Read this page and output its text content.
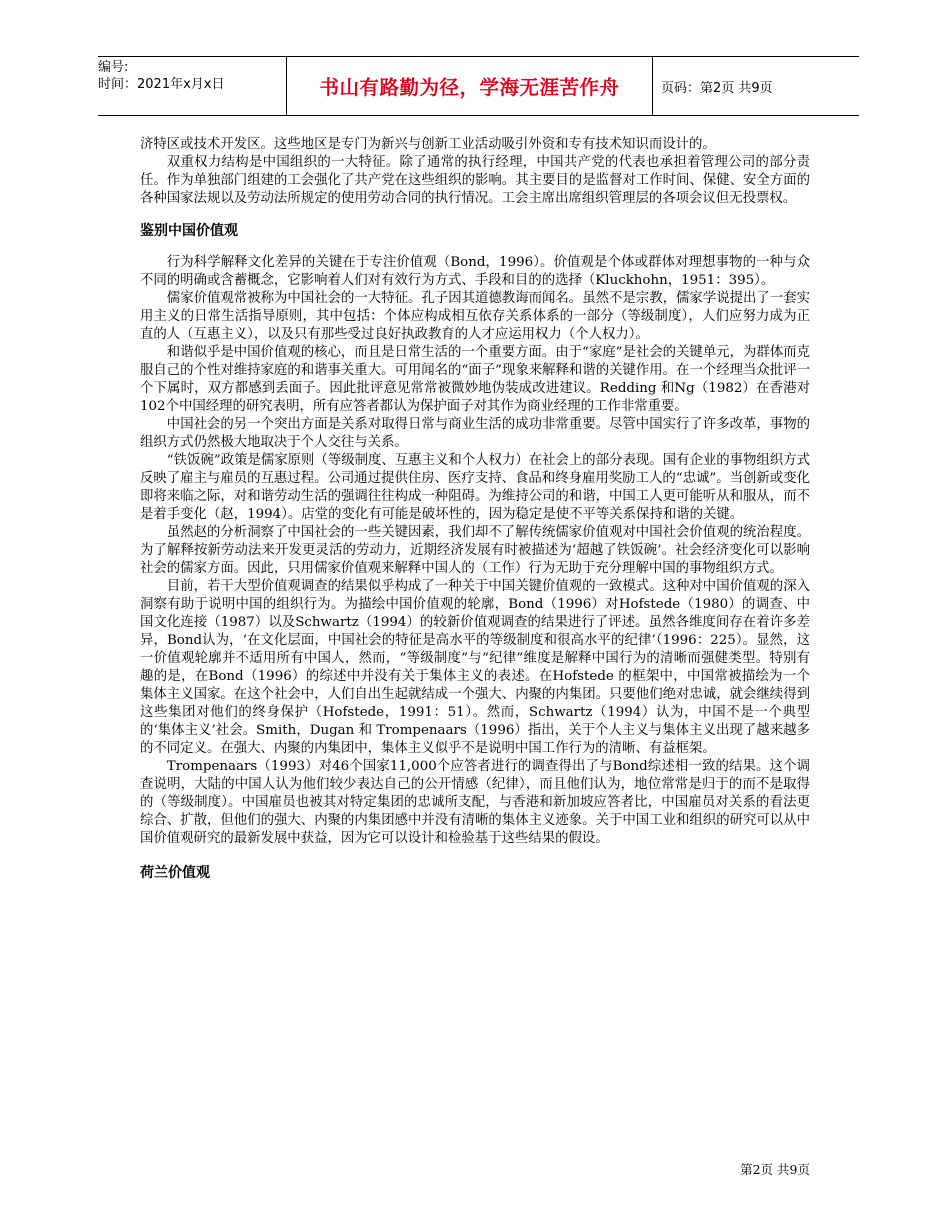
编号:
时间：2021年x月x日	书山有路勤为径，学海无涯苦作舟	页码：第2页 共9页

济特区或技术开发区。这些地区是专门为新兴与创新工业活动吸引外资和专有技术知识而设计的。

双重权力结构是中国组织的一大特征。除了通常的执行经理，中国共产党的代表也承担着管理公司的部分责任。作为单独部门组建的工会强化了共产党在这些组织的影响。其主要目的是监督对工作时间、保健、安全方面的各种国家法规以及劳动法所规定的使用劳动合同的执行情况。工会主席出席组织管理层的各项会议但无投票权。

鉴别中国价值观

行为科学解释文化差异的关键在于专注价值观（Bond，1996）。价值观是个体或群体对理想事物的一种与众不同的明确或含蓄概念，它影响着人们对有效行为方式、手段和目的的选择（Kluckhohn，1951：395）。

儒家价值观常被称为中国社会的一大特征。孔子因其道德教诲而闻名。虽然不是宗教，儒家学说提出了一套实用主义的日常生活指导原则，其中包括：个体应构成相互依存关系体系的一部分（等级制度），人们应努力成为正直的人（互惠主义），以及只有那些受过良好执政教育的人才应运用权力（个人权力）。

和谐似乎是中国价值观的核心，而且是日常生活的一个重要方面。由于“家庭”是社会的关键单元，为群体而克服自己的个性对维持家庭的和谐事关重大。可用闻名的“面子”现象来解释和谐的关键作用。在一个经理当众批评一个下属时，双方都感到丢面子。因此批评意见常常被微妙地伪装成改进建议。Redding 和Ng（1982）在香港对102个中国经理的研究表明，所有应答者都认为保护面子对其作为商业经理的工作非常重要。

中国社会的另一个突出方面是关系对取得日常与商业生活的成功非常重要。尽管中国实行了许多改革，事物的组织方式仍然极大地取决于个人交往与关系。

“铁饭碗”政策是儒家原则（等级制度、互惠主义和个人权力）在社会上的部分表现。国有企业的事物组织方式反映了雇主与雇员的互惠过程。公司通过提供住房、医疗支持、食品和终身雇用奖励工人的“忠诚”。当创新或变化即将来临之际，对和谐劳动生活的强调往往构成一种阻碍。为维持公司的和谐，中国工人更可能听从和服从，而不是着手变化（赵，1994）。店堂的变化有可能是破坏性的，因为稳定是使不平等关系保持和谐的关键。

虽然赵的分析洞察了中国社会的一些关键因素，我们却不了解传统儒家价值观对中国社会价值观的统治程度。为了解释按新劳动法来开发更灵活的劳动力，近期经济发展有时被描述为‘超越了铁饭碗’。社会经济变化可以影响社会的儒家方面。因此，只用儒家价值观来解释中国人的（工作）行为无助于充分理解中国的事物组织方式。

目前，若干大型价值观调查的结果似乎构成了一种关于中国关键价值观的一致模式。这种对中国价值观的深入洞察有助于说明中国的组织行为。为描绘中国价值观的轮廓，Bond（1996）对Hofstede（1980）的调查、中国文化连接（1987）以及Schwartz（1994）的较新价值观调查的结果进行了评述。虽然各维度间存在着许多差异，Bond认为，‘在文化层面，中国社会的特征是高水平的等级制度和很高水平的纪律’（1996：225）。显然，这一价值观轮廓并不适用所有中国人，然而，“等级制度”与“纪律”维度是解释中国行为的清晰而强健类型。特别有趣的是，在Bond（1996）的综述中并没有关于集体主义的表述。在Hofstede 的框架中，中国常被描绘为一个集体主义国家。在这个社会中，人们自出生起就结成一个强大、内聚的内集团。只要他们绝对忠诚，就会继续得到这些集团对他们的终身保护（Hofstede，1991：51）。然而，Schwartz（1994）认为，中国不是一个典型的‘集体主义’社会。Smith，Dugan 和 Trompenaars（1996）指出，关于个人主义与集体主义出现了越来越多的不同定义。在强大、内聚的内集团中，集体主义似乎不是说明中国工作行为的清晰、有益框架。

Trompenaars（1993）对46个国家11,000个应答者进行的调查得出了与Bond综述相一致的结果。这个调查说明，大陆的中国人认为他们较少表达自己的公开情感（纪律），而且他们认为，地位常常是归于的而不是取得的（等级制度）。中国雇员也被其对特定集团的忠诚所支配，与香港和新加坡应答者比，中国雇员对关系的看法更综合、扩散，但他们的强大、内聚的内集团感中并没有清晰的集体主义迹象。关于中国工业和组织的研究可以从中国价值观研究的最新发展中获益，因为它可以设计和检验基于这些结果的假设。

荷兰价值观
第2页 共9页
